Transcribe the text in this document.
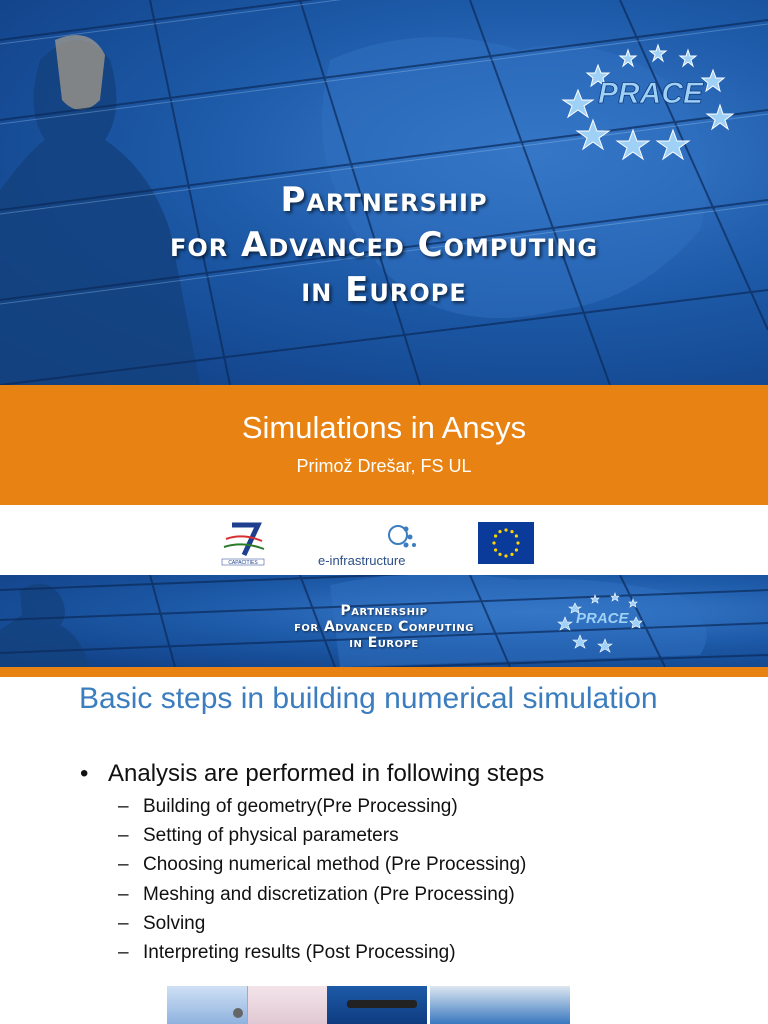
PRACE
Partnership
for Advanced Computing
in Europe
Simulations in Ansys
Primož Drešar, FS UL
CAPACITIES	e-infrastructure
PRACE
Partnership
for Advanced Computing
in Europe
Basic steps in building numerical simulation
• Analysis are performed in following steps
– Building of geometry(Pre Processing)
– Setting of physical parameters
– Choosing numerical method (Pre Processing)
– Meshing and discretization (Pre Processing)
– Solving
– Interpreting results (Post Processing)
